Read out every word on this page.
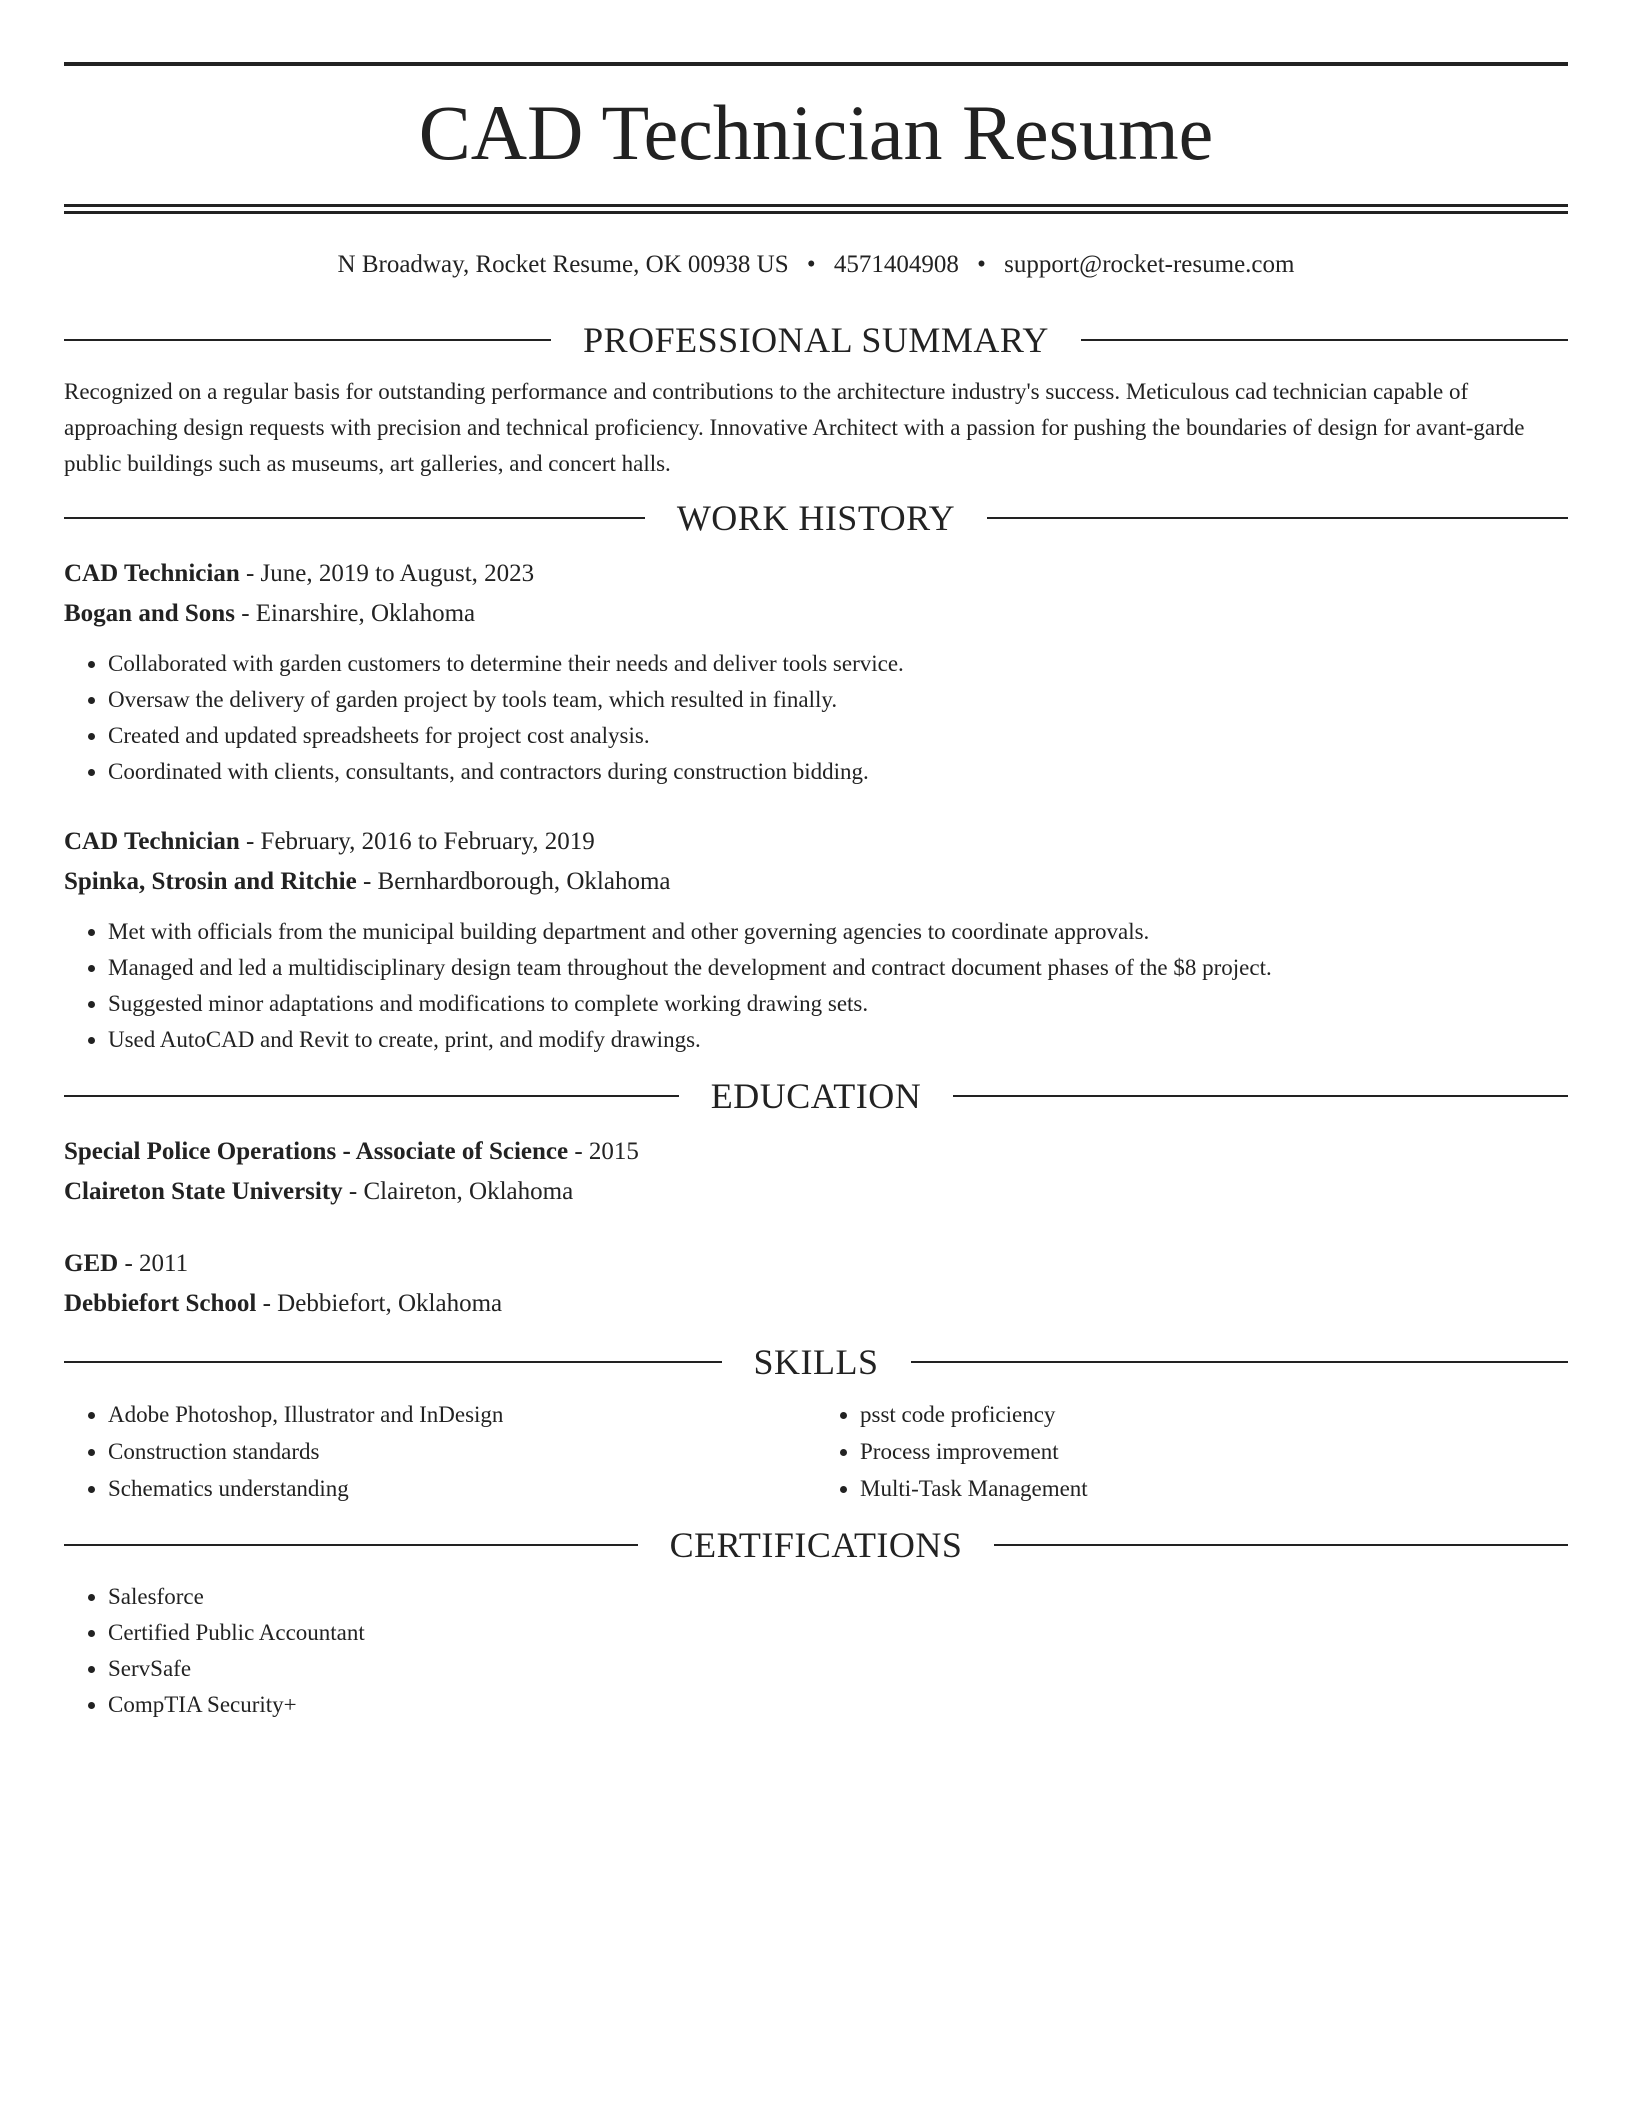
CAD Technician Resume
N Broadway, Rocket Resume, OK 00938 US • 4571404908 • support@rocket-resume.com
PROFESSIONAL SUMMARY
Recognized on a regular basis for outstanding performance and contributions to the architecture industry's success. Meticulous cad technician capable of approaching design requests with precision and technical proficiency. Innovative Architect with a passion for pushing the boundaries of design for avant-garde public buildings such as museums, art galleries, and concert halls.
WORK HISTORY
CAD Technician - June, 2019 to August, 2023
Bogan and Sons - Einarshire, Oklahoma
• Collaborated with garden customers to determine their needs and deliver tools service.
• Oversaw the delivery of garden project by tools team, which resulted in finally.
• Created and updated spreadsheets for project cost analysis.
• Coordinated with clients, consultants, and contractors during construction bidding.
CAD Technician - February, 2016 to February, 2019
Spinka, Strosin and Ritchie - Bernhardborough, Oklahoma
• Met with officials from the municipal building department and other governing agencies to coordinate approvals.
• Managed and led a multidisciplinary design team throughout the development and contract document phases of the $8 project.
• Suggested minor adaptations and modifications to complete working drawing sets.
• Used AutoCAD and Revit to create, print, and modify drawings.
EDUCATION
Special Police Operations - Associate of Science - 2015
Claireton State University - Claireton, Oklahoma
GED - 2011
Debbiefort School - Debbiefort, Oklahoma
SKILLS
• Adobe Photoshop, Illustrator and InDesign
• Construction standards
• Schematics understanding
• psst code proficiency
• Process improvement
• Multi-Task Management
CERTIFICATIONS
• Salesforce
• Certified Public Accountant
• ServSafe
• CompTIA Security+
